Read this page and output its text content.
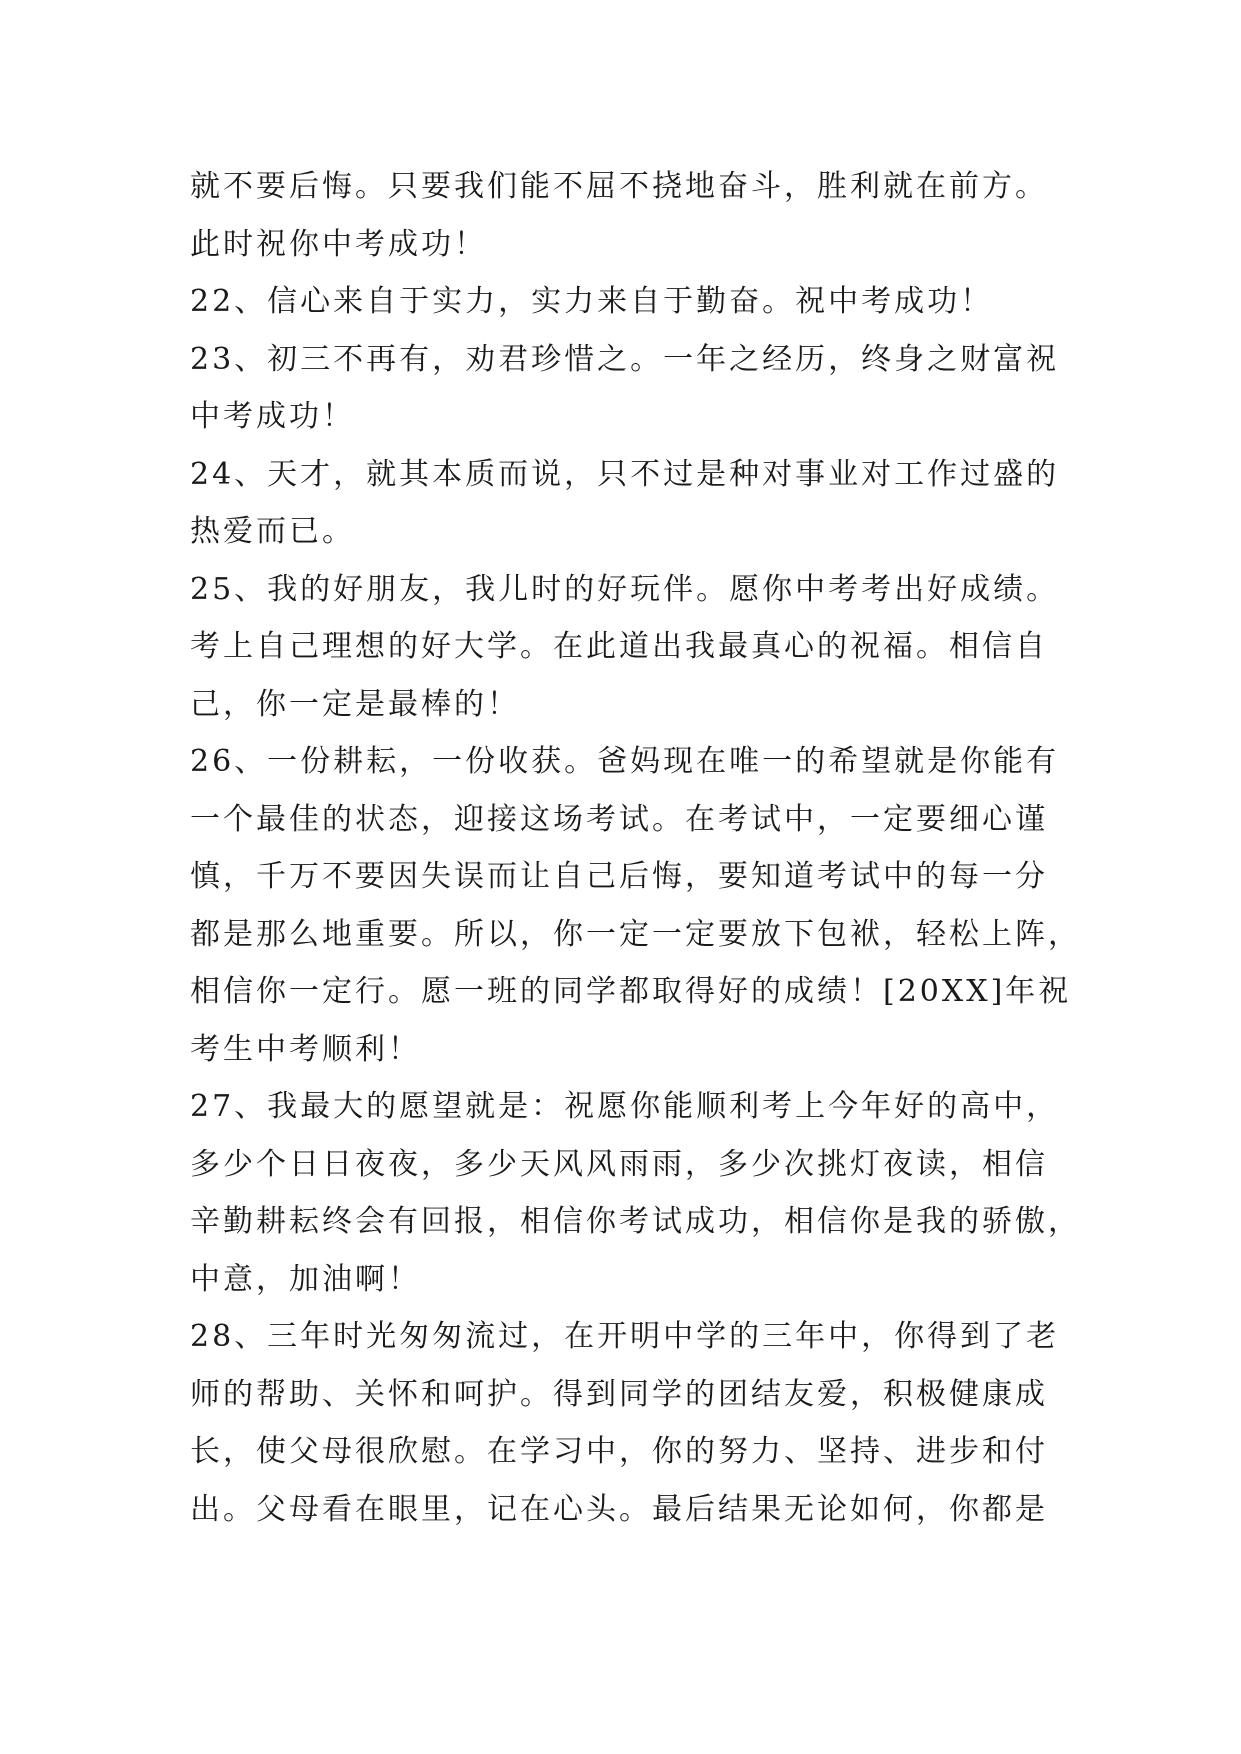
就不要后悔。只要我们能不屈不挠地奋斗，胜利就在前方。
此时祝你中考成功！
22、信心来自于实力，实力来自于勤奋。祝中考成功！
23、初三不再有，劝君珍惜之。一年之经历，终身之财富祝
中考成功！
24、天才，就其本质而说，只不过是种对事业对工作过盛的
热爱而已。
25、我的好朋友，我儿时的好玩伴。愿你中考考出好成绩。
考上自己理想的好大学。在此道出我最真心的祝福。相信自
己，你一定是最棒的！
26、一份耕耘，一份收获。爸妈现在唯一的希望就是你能有
一个最佳的状态，迎接这场考试。在考试中，一定要细心谨
慎，千万不要因失误而让自己后悔，要知道考试中的每一分
都是那么地重要。所以，你一定一定要放下包袱，轻松上阵，
相信你一定行。愿一班的同学都取得好的成绩！[20XX]年祝
考生中考顺利！
27、我最大的愿望就是：祝愿你能顺利考上今年好的高中，
多少个日日夜夜，多少天风风雨雨，多少次挑灯夜读，相信
辛勤耕耘终会有回报，相信你考试成功，相信你是我的骄傲，
中意，加油啊！
28、三年时光匆匆流过，在开明中学的三年中，你得到了老
师的帮助、关怀和呵护。得到同学的团结友爱，积极健康成
长，使父母很欣慰。在学习中，你的努力、坚持、进步和付
出。父母看在眼里，记在心头。最后结果无论如何，你都是
